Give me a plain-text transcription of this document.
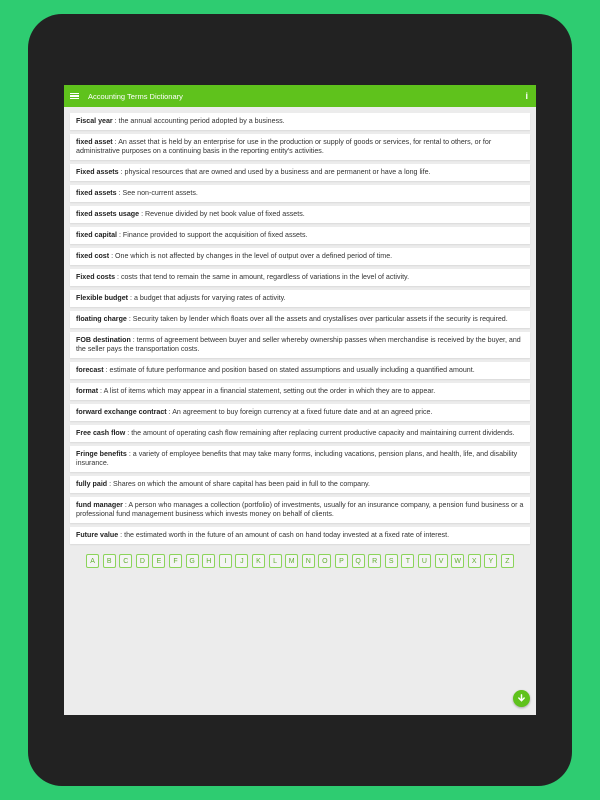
Accounting Terms Dictionary	i
Fiscal year : the annual accounting period adopted by a business.
fixed asset : An asset that is held by an enterprise for use in the production or supply of goods or services, for rental to others, or for administrative purposes on a continuing basis in the reporting entity's activities.
Fixed assets : physical resources that are owned and used by a business and are permanent or have a long life.
fixed assets : See non-current assets.
fixed assets usage : Revenue divided by net book value of fixed assets.
fixed capital : Finance provided to support the acquisition of fixed assets.
fixed cost : One which is not affected by changes in the level of output over a defined period of time.
Fixed costs : costs that tend to remain the same in amount, regardless of variations in the level of activity.
Flexible budget : a budget that adjusts for varying rates of activity.
floating charge : Security taken by lender which floats over all the assets and crystallises over particular assets if the security is required.
FOB destination : terms of agreement between buyer and seller whereby ownership passes when merchandise is received by the buyer, and the seller pays the transportation costs.
forecast : estimate of future performance and position based on stated assumptions and usually including a quantified amount.
format : A list of items which may appear in a financial statement, setting out the order in which they are to appear.
forward exchange contract : An agreement to buy foreign currency at a fixed future date and at an agreed price.
Free cash flow : the amount of operating cash flow remaining after replacing current productive capacity and maintaining current dividends.
Fringe benefits : a variety of employee benefits that may take many forms, including vacations, pension plans, and health, life, and disability insurance.
fully paid : Shares on which the amount of share capital has been paid in full to the company.
fund manager : A person who manages a collection (portfolio) of investments, usually for an insurance company, a pension fund business or a professional fund management business which invests money on behalf of clients.
Future value : the estimated worth in the future of an amount of cash on hand today invested at a fixed rate of interest.
A	B	C	D	E	F	G	H	I	J	K	L	M	N	O	P	Q	R	S	T	U	V	W	X	Y	Z
